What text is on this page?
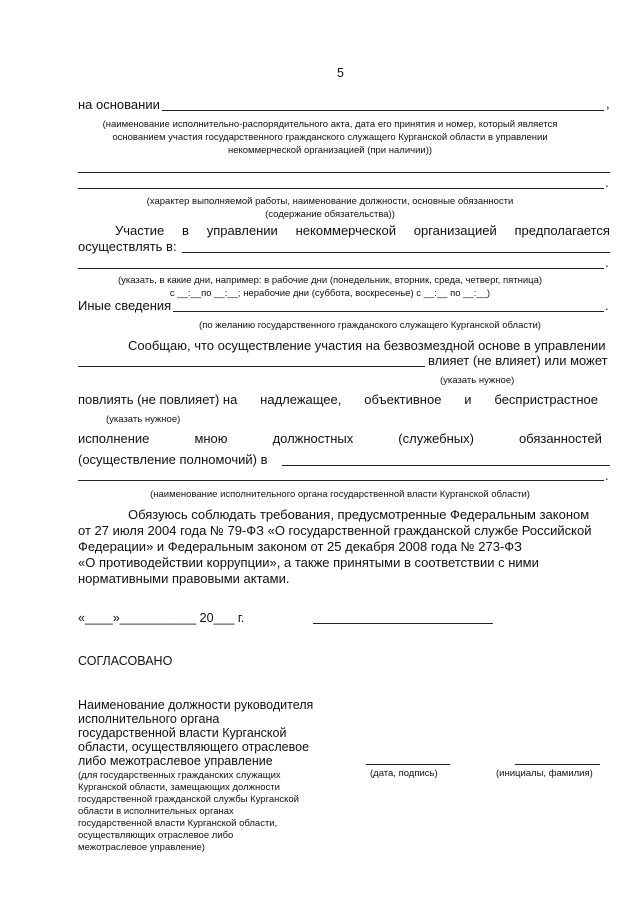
5
на основании	,
(наименование исполнительно-распорядительного акта, дата его принятия и номер, который является
основанием участия государственного гражданского служащего Курганской области в управлении
некоммерческой организацией (при наличии))
.
(характер выполняемой работы, наименование должности, основные обязанности
(содержание обязательства))
Участие в управлении некоммерческой организацией предполагается
осуществлять в:
.
(указать, в какие дни, например: в рабочие дни (понедельник, вторник, среда, четверг, пятница)
с __:__по __:__; нерабочие дни (суббота, воскресенье) с __:__ по __:__)
Иные сведения	.
(по желанию государственного гражданского служащего Курганской области)
Сообщаю, что осуществление участия на безвозмездной основе в управлении
влияет (не влияет) или может
(указать нужное)
повлиять (не повлияет) на надлежащее, объективное и беспристрастное
(указать нужное)
исполнение	мною	должностных	(служебных)	обязанностей
(осуществление полномочий) в
.
(наименование исполнительного органа государственной власти Курганской области)
Обязуюсь соблюдать требования, предусмотренные Федеральным законом
от 27 июля 2004 года № 79-ФЗ «О государственной гражданской службе Российской
Федерации» и Федеральным законом от 25 декабря 2008 года № 273-ФЗ
«О противодействии коррупции», а также принятыми в соответствии с ними
нормативными правовыми актами.
«____»___________ 20___ г.
СОГЛАСОВАНО
Наименование должности руководителя
исполнительного органа
государственной власти Курганской
области, осуществляющего отраслевое
либо межотраслевое управление
(для государственных гражданских служащих
Курганской области, замещающих должности
государственной гражданской службы Курганской
области в исполнительных органах
государственной власти Курганской области,
осуществляющих отраслевое либо
межотраслевое управление)
(дата, подпись)	(инициалы, фамилия)
